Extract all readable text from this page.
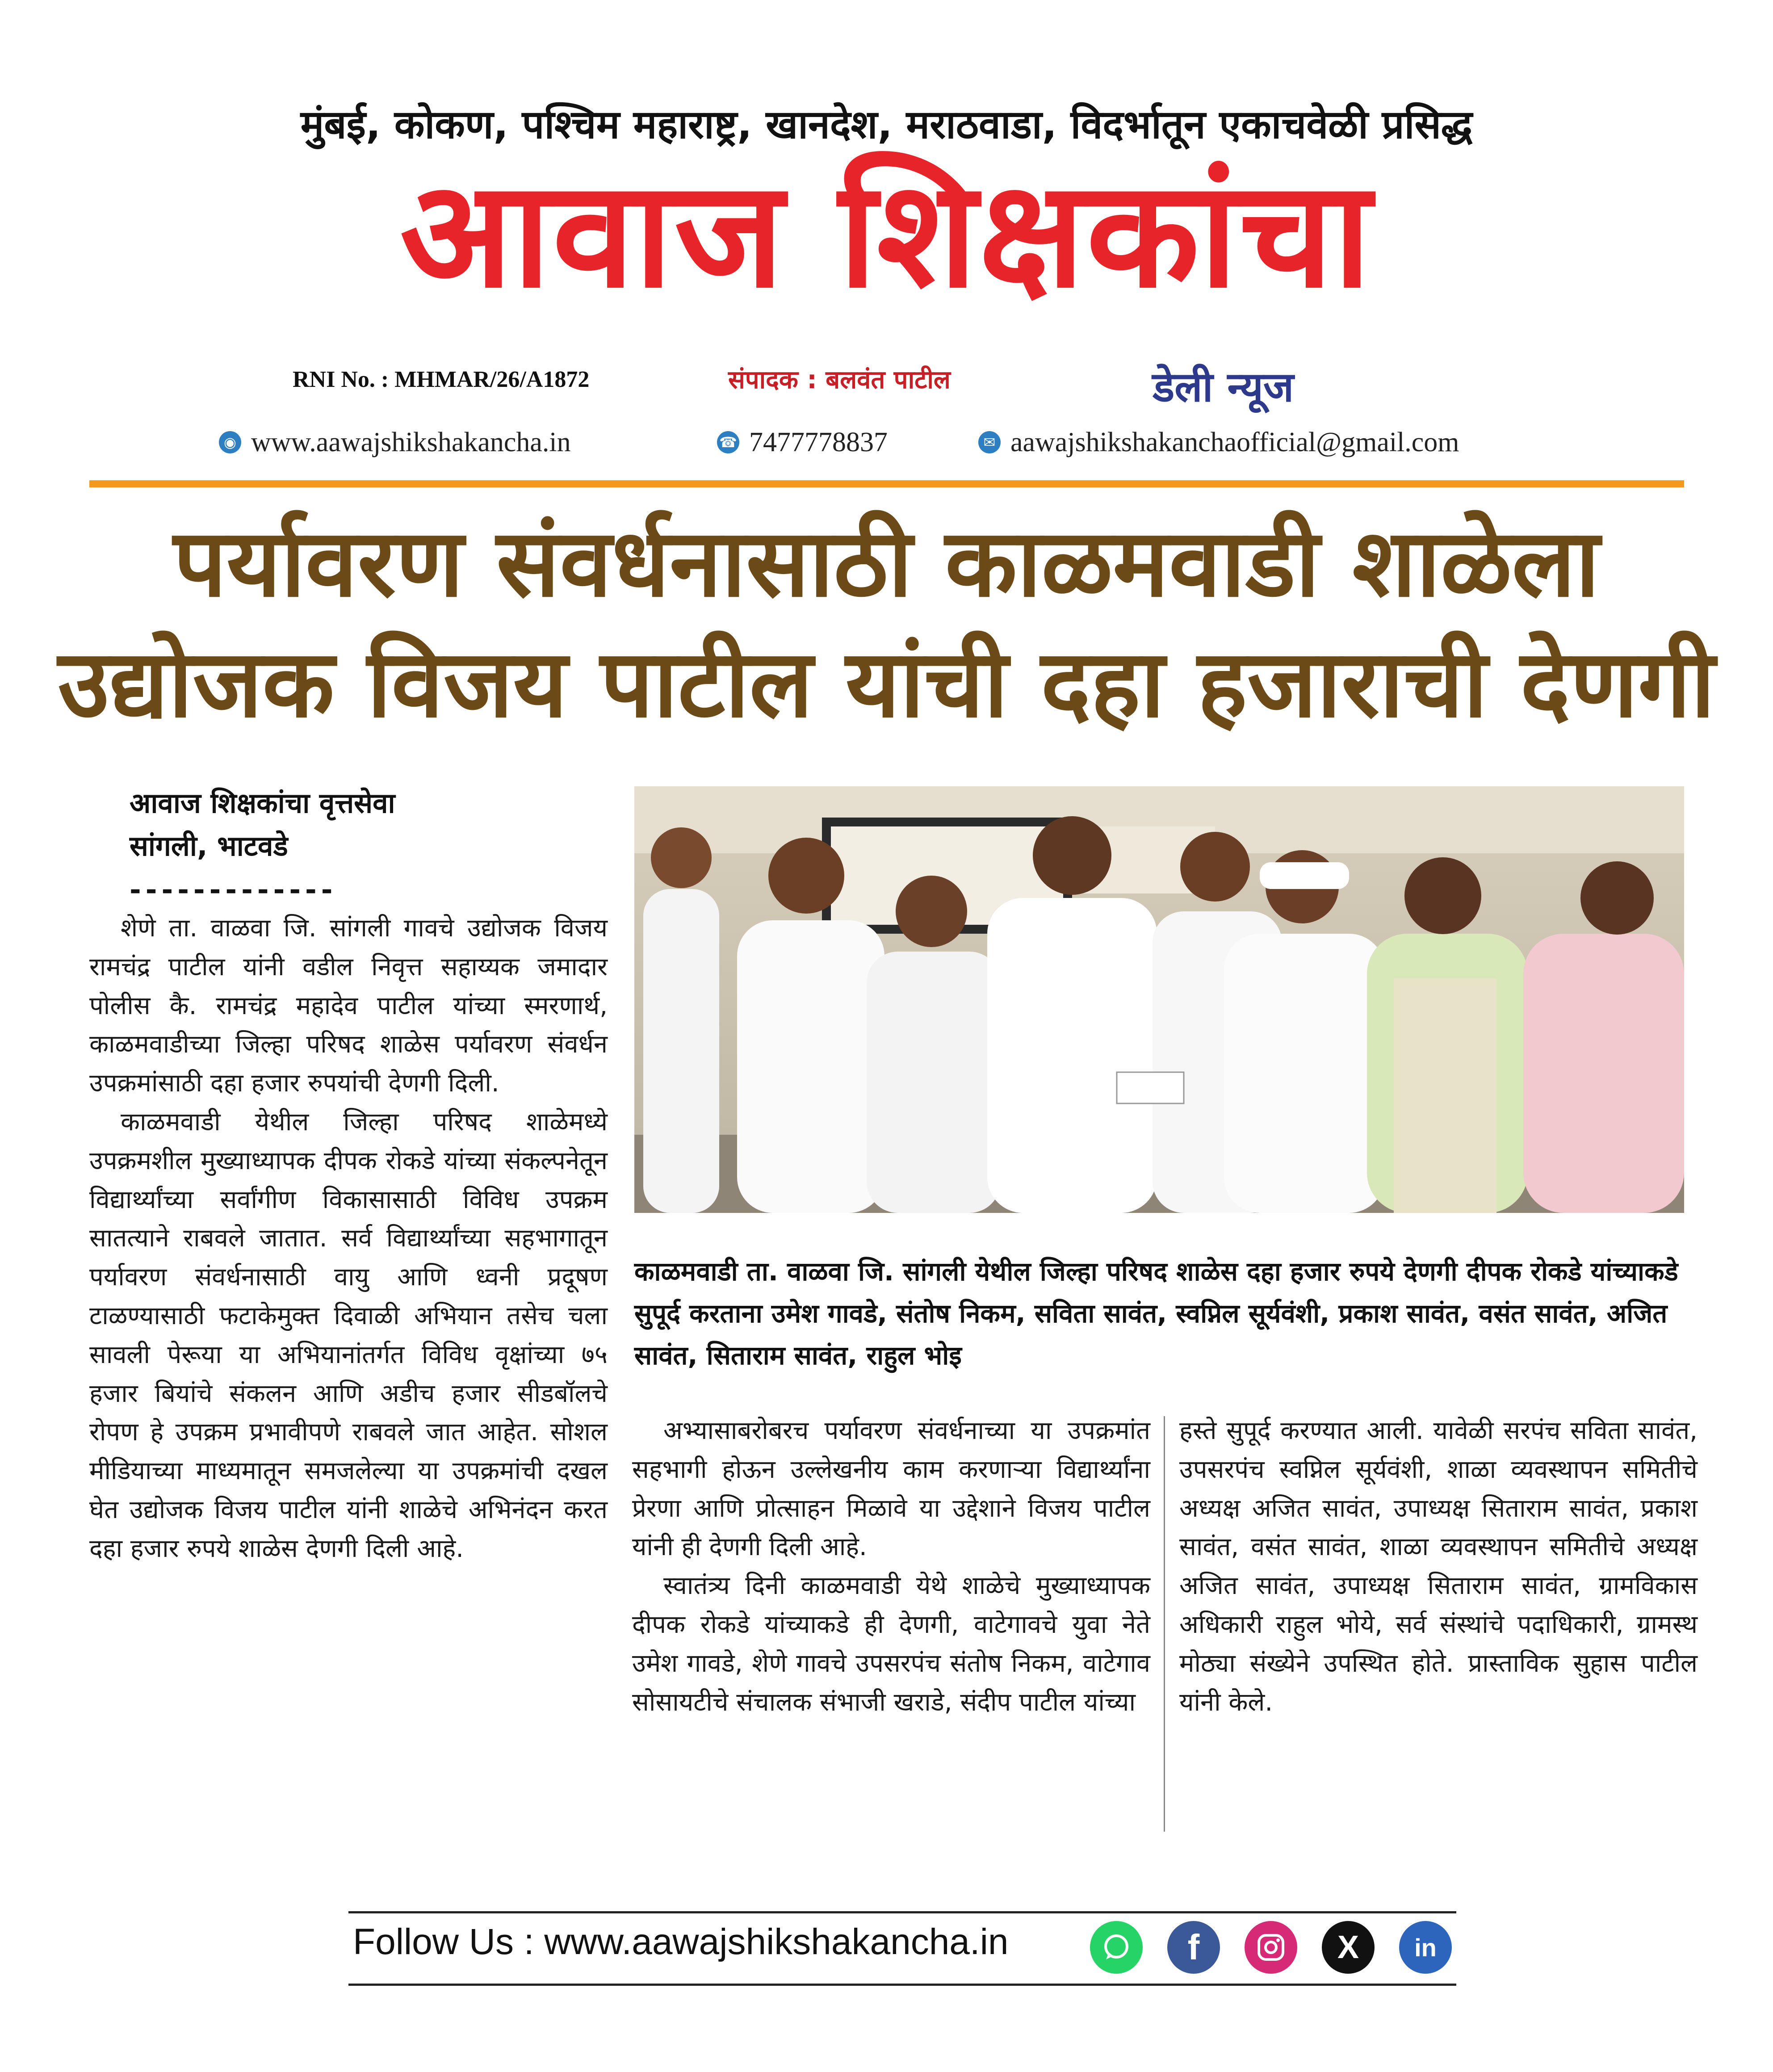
मुंबई, कोकण, पश्चिम महाराष्ट्र, खानदेश, मराठवाडा, विदर्भातून एकाचवेळी प्रसिद्ध
आवाज शिक्षकांचा
RNI No. : MHMAR/26/A1872	संपादक : बलवंत पाटील	डेली न्यूज
◉ www.aawajshikshakancha.in	☎ 7477778837	✉ aawajshikshakanchaofficial@gmail.com
पर्यावरण संवर्धनासाठी काळमवाडी शाळेला
उद्योजक विजय पाटील यांची दहा हजाराची देणगी
आवाज शिक्षकांचा वृत्तसेवा
सांगली, भाटवडे
-------------

शेणे ता. वाळवा जि. सांगली गावचे उद्योजक विजय रामचंद्र पाटील यांनी वडील निवृत्त सहाय्यक जमादार पोलीस कै. रामचंद्र महादेव पाटील यांच्या स्मरणार्थ, काळमवाडीच्या जिल्हा परिषद शाळेस पर्यावरण संवर्धन उपक्रमांसाठी दहा हजार रुपयांची देणगी दिली.

काळमवाडी येथील जिल्हा परिषद शाळेमध्ये उपक्रमशील मुख्याध्यापक दीपक रोकडे यांच्या संकल्पनेतून विद्यार्थ्यांच्या सर्वांगीण विकासासाठी विविध उपक्रम सातत्याने राबवले जातात. सर्व विद्यार्थ्यांच्या सहभागातून पर्यावरण संवर्धनासाठी वायु आणि ध्वनी प्रदूषण टाळण्यासाठी फटाकेमुक्त दिवाळी अभियान तसेच चला सावली पेरूया या अभियानांतर्गत विविध वृक्षांच्या ७५ हजार बियांचे संकलन आणि अडीच हजार सीडबॉलचे रोपण हे उपक्रम प्रभावीपणे राबवले जात आहेत. सोशल मीडियाच्या माध्यमातून समजलेल्या या उपक्रमांची दखल घेत उद्योजक विजय पाटील यांनी शाळेचे अभिनंदन करत दहा हजार रुपये शाळेस देणगी दिली आहे.

काळमवाडी ता. वाळवा जि. सांगली येथील जिल्हा परिषद शाळेस दहा हजार रुपये देणगी दीपक रोकडे यांच्याकडे सुपूर्द करताना उमेश गावडे, संतोष निकम, सविता सावंत, स्वप्निल सूर्यवंशी, प्रकाश सावंत, वसंत सावंत, अजित सावंत, सिताराम सावंत, राहुल भोइ

अभ्यासाबरोबरच पर्यावरण संवर्धनाच्या या उपक्रमांत सहभागी होऊन उल्लेखनीय काम करणाऱ्या विद्यार्थ्यांना प्रेरणा आणि प्रोत्साहन मिळावे या उद्देशाने विजय पाटील यांनी ही देणगी दिली आहे.

स्वातंत्र्य दिनी काळमवाडी येथे शाळेचे मुख्याध्यापक दीपक रोकडे यांच्याकडे ही देणगी, वाटेगावचे युवा नेते उमेश गावडे, शेणे गावचे उपसरपंच संतोष निकम, वाटेगाव सोसायटीचे संचालक संभाजी खराडे, संदीप पाटील यांच्या

हस्ते सुपूर्द करण्यात आली. यावेळी सरपंच सविता सावंत, उपसरपंच स्वप्निल सूर्यवंशी, शाळा व्यवस्थापन समितीचे अध्यक्ष अजित सावंत, उपाध्यक्ष सिताराम सावंत, प्रकाश सावंत, वसंत सावंत, शाळा व्यवस्थापन समितीचे अध्यक्ष अजित सावंत, उपाध्यक्ष सिताराम सावंत, ग्रामविकास अधिकारी राहुल भोये, सर्व संस्थांचे पदाधिकारी, ग्रामस्थ मोठ्या संख्येने उपस्थित होते. प्रास्ताविक सुहास पाटील यांनी केले.

Follow Us : www.aawajshikshakancha.in	f	X in
